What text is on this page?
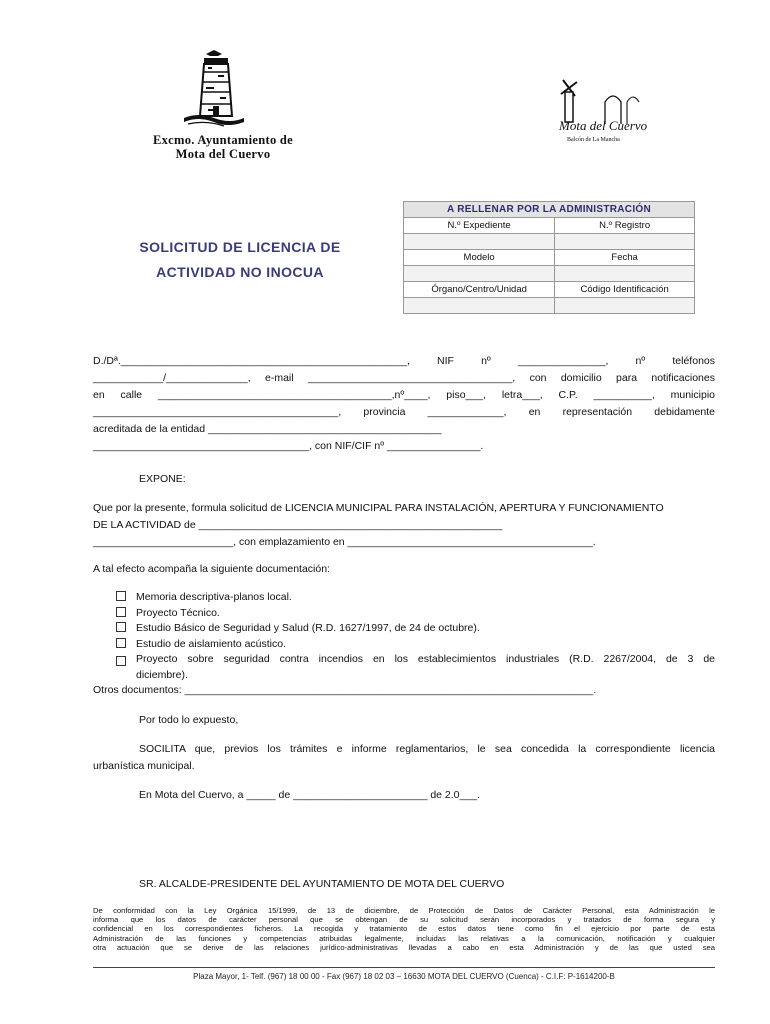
Excmo. Ayuntamiento de
Mota del Cuervo
Mota del Cuervo
Balcón de La Mancha
SOLICITUD DE LICENCIA DE
ACTIVIDAD NO INOCUA
A RELLENAR POR LA ADMINISTRACIÓN	
N.º Expediente	N.º Registro

Modelo	Fecha

Órgano/Centro/Unidad	Código Identificación

D./Dª._________________________________________________, NIF nº _______________, nº teléfonos
____________/______________, e-mail ___________________________________, con domicilio para notificaciones
en calle ________________________________________,nº____, piso___, letra___, C.P. __________, municipio
__________________________________________, provincia _____________, en representación debidamente
acreditada de la entidad ________________________________________
_____________________________________, con NIF/CIF nº ________________.
EXPONE:
Que por la presente, formula solicitud de LICENCIA MUNICIPAL PARA INSTALACIÓN, APERTURA Y FUNCIONAMIENTO
DE LA ACTIVIDAD de ____________________________________________________
________________________, con emplazamiento en __________________________________________.
A tal efecto acompaña la siguiente documentación:
Memoria descriptiva-planos local.
Proyecto Técnico.
Estudio Básico de Seguridad y Salud (R.D. 1627/1997, de 24 de octubre).
Estudio de aislamiento acústico.
Proyecto sobre seguridad contra incendios en los establecimientos industriales (R.D. 2267/2004, de 3 de
diciembre).
Otros documentos: ______________________________________________________________________.
Por todo lo expuesto,
SOCILITA que, previos los trámites e informe reglamentarios, le sea concedida la correspondiente licencia
urbanística municipal.
En Mota del Cuervo, a _____ de _______________________ de 2.0___.
SR. ALCALDE-PRESIDENTE DEL AYUNTAMIENTO DE MOTA DEL CUERVO
De conformidad con la Ley Orgánica 15/1999, de 13 de diciembre, de Protección de Datos de Carácter Personal, esta Administración le
informa que los datos de carácter personal que se obtengan de su solicitud serán incorporados y tratados de forma segura y
confidencial en los correspondientes ficheros. La recogida y tratamiento de estos datos tiene como fin el ejercicio por parte de esta
Administración de las funciones y competencias atribuidas legalmente, incluidas las relativas a la comunicación, notificación y cualquier
otra actuación que se derive de las relaciones jurídico-administrativas llevadas a cabo en esta Administración y de las que usted sea
Plaza Mayor, 1- Telf. (967) 18 00 00 - Fax (967) 18 02 03 – 16630 MOTA DEL CUERVO (Cuenca) - C.I.F: P-1614200-B
